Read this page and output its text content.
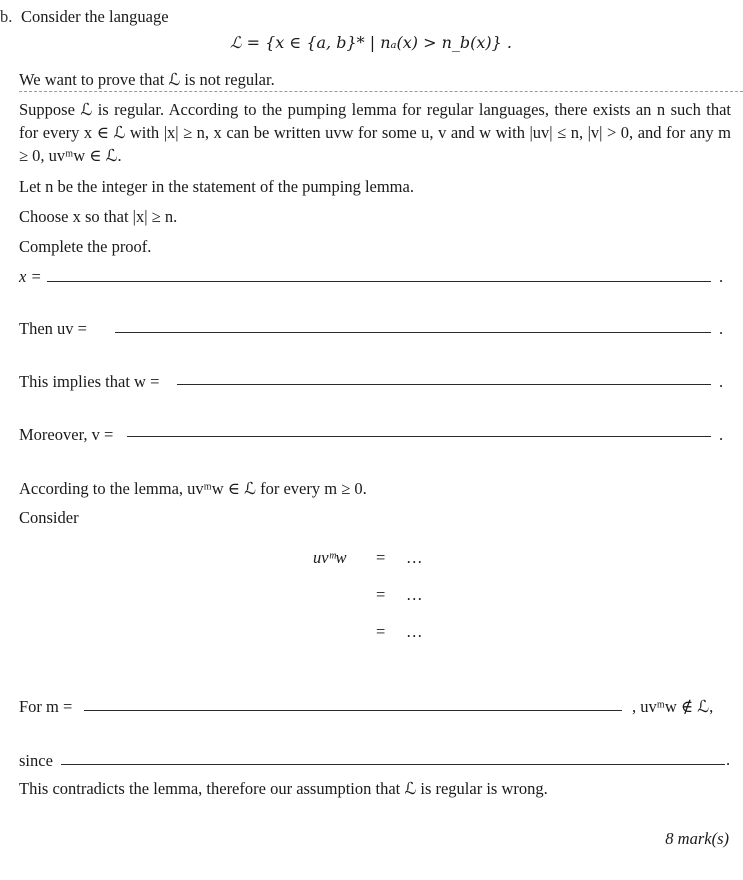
b. Consider the language
ℒ = {x ∈ {a, b}* | nₐ(x) > n_b(x)} .
We want to prove that ℒ is not regular.
Suppose ℒ is regular. According to the pumping lemma for regular languages, there exists an n such that for every x ∈ ℒ with |x| ≥ n, x can be written uvw for some u, v and w with |uv| ≤ n, |v| > 0, and for any m ≥ 0, uvᵐw ∈ ℒ.
Let n be the integer in the statement of the pumping lemma.
Choose x so that |x| ≥ n.
Complete the proof.
x =	.
Then uv =	.
This implies that w =	.
Moreover, v =	.
According to the lemma, uvᵐw ∈ ℒ for every m ≥ 0.
Consider
uvᵐw = …
= …
= …
For m =	, uvᵐw ∉ ℒ,
since	.
This contradicts the lemma, therefore our assumption that ℒ is regular is wrong.
8 mark(s)
